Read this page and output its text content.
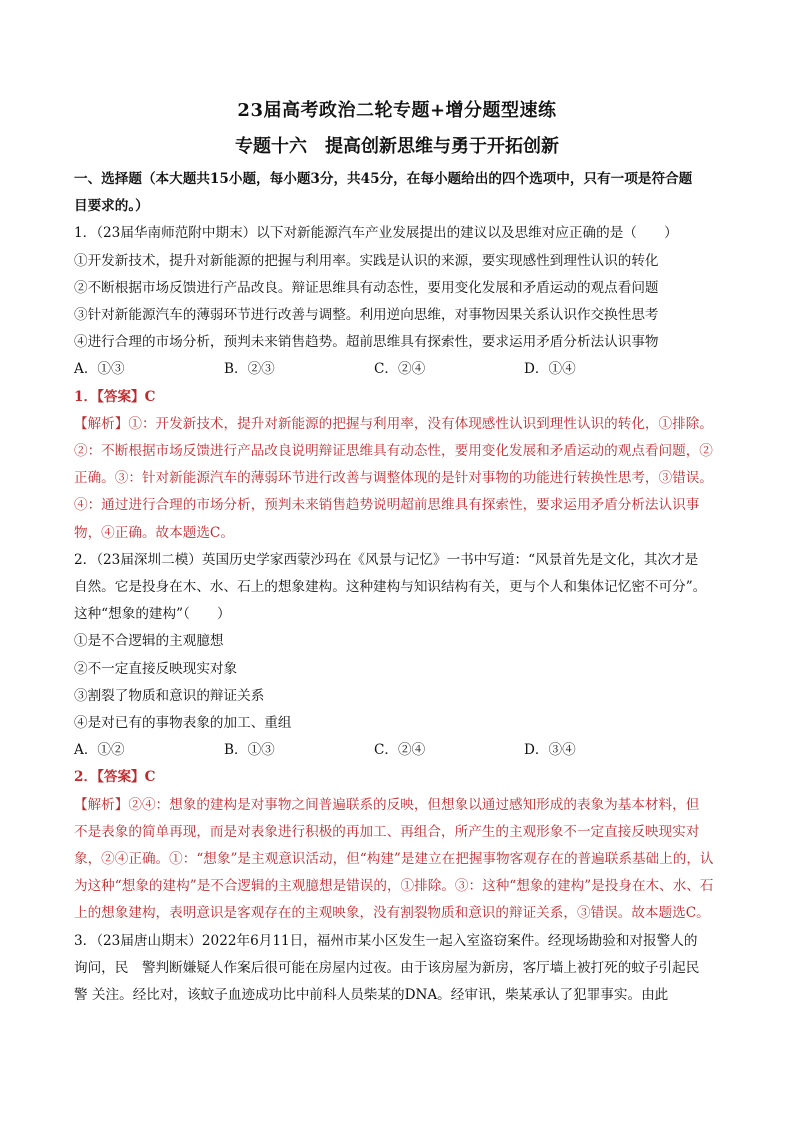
23届高考政治二轮专题+增分题型速练
专题十六　提高创新思维与勇于开拓创新
一、选择题（本大题共15小题，每小题3分，共45分，在每小题给出的四个选项中，只有一项是符合题
目要求的。）
1．（23届华南师范附中期末）以下对新能源汽车产业发展提出的建议以及思维对应正确的是（　　）
①开发新技术，提升对新能源的把握与利用率。实践是认识的来源，要实现感性到理性认识的转化
②不断根据市场反馈进行产品改良。辩证思维具有动态性，要用变化发展和矛盾运动的观点看问题
③针对新能源汽车的薄弱环节进行改善与调整。利用逆向思维，对事物因果关系认识作交换性思考
④进行合理的市场分析，预判未来销售趋势。超前思维具有探索性，要求运用矛盾分析法认识事物
A．①③	B．②③	C．②④	D．①④
1．【答案】C
【解析】①：开发新技术，提升对新能源的把握与利用率，没有体现感性认识到理性认识的转化，①排除。
②：不断根据市场反馈进行产品改良说明辩证思维具有动态性，要用变化发展和矛盾运动的观点看问题，②
正确。③：针对新能源汽车的薄弱环节进行改善与调整体现的是针对事物的功能进行转换性思考，③错误。
④：通过进行合理的市场分析，预判未来销售趋势说明超前思维具有探索性，要求运用矛盾分析法认识事
物，④正确。故本题选C。
2．（23届深圳二模）英国历史学家西蒙沙玛在《风景与记忆》一书中写道：“风景首先是文化，其次才是
自然。它是投身在木、水、石上的想象建构。这种建构与知识结构有关，更与个人和集体记忆密不可分”。
这种“想象的建构”（　　）
①是不合逻辑的主观臆想
②不一定直接反映现实对象
③割裂了物质和意识的辩证关系
④是对已有的事物表象的加工、重组
A．①②	B．①③	C．②④	D．③④
2．【答案】C
【解析】②④：想象的建构是对事物之间普遍联系的反映，但想象以通过感知形成的表象为基本材料，但
不是表象的简单再现，而是对表象进行积极的再加工、再组合，所产生的主观形象不一定直接反映现实对
象，②④正确。①：“想象”是主观意识活动，但“构建”是建立在把握事物客观存在的普遍联系基础上的，认
为这种“想象的建构”是不合逻辑的主观臆想是错误的，①排除。③：这种“想象的建构”是投身在木、水、石
上的想象建构，表明意识是客观存在的主观映象，没有割裂物质和意识的辩证关系，③错误。故本题选C。
3．（23届唐山期末）2022年6月11日，福州市某小区发生一起入室盗窃案件。经现场勘验和对报警人的
询问，民　警判断嫌疑人作案后很可能在房屋内过夜。由于该房屋为新房，客厅墙上被打死的蚊子引起民
警 关注。经比对，该蚊子血迹成功比中前科人员柴某的DNA。经审讯，柴某承认了犯罪事实。由此
